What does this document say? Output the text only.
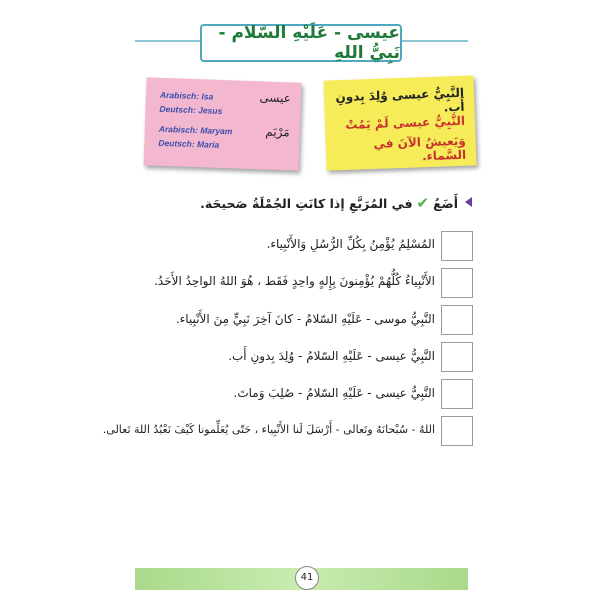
عيسى - عَلَيْهِ السّلام - نَبِيُّ اللهِ
Arabisch: Isa	عيسى
Deutsch: Jesus
Arabisch: Maryam	مَرْيَم
Deutsch: Maria
النَّبِيُّ عيسى وُلِدَ بِدونِ أَب.
النَّبِيُّ عيسى لَمْ يَمُتْ
وَيَعيشُ الآنَ في السَّماء.
أَضَعُ
✔
في المُرَبَّعِ إذا كانَتِ الجُمْلَةُ صَحيحَة.
المُسْلِمُ يُؤْمِنُ بِكُلِّ الرُّسُلِ وَالأَنْبِياء.
الأَنْبِياءُ كُلُّهُمْ يُؤْمِنونَ بِإِلهٍ واحِدٍ فَقَط ، هُوَ اللهُ الواحِدُ الأَحَدُ.
النَّبِيُّ موسى - عَلَيْهِ السّلامُ - كانَ آخِرَ نَبِيٍّ مِنَ الأَنْبِياء.
النَّبِيُّ عيسى - عَلَيْهِ السّلامُ - وُلِدَ بِدونِ أَب.
النَّبِيُّ عيسى - عَلَيْهِ السّلامُ - صُلِبَ وَماتَ.
اللهُ - سُبْحانَهُ وتَعالى - أَرْسَلَ لَنا الأَنْبِياء ، حَتّى يُعَلِّمونا كَيْفَ نَعْبُدُ اللهَ تَعالى.
41
